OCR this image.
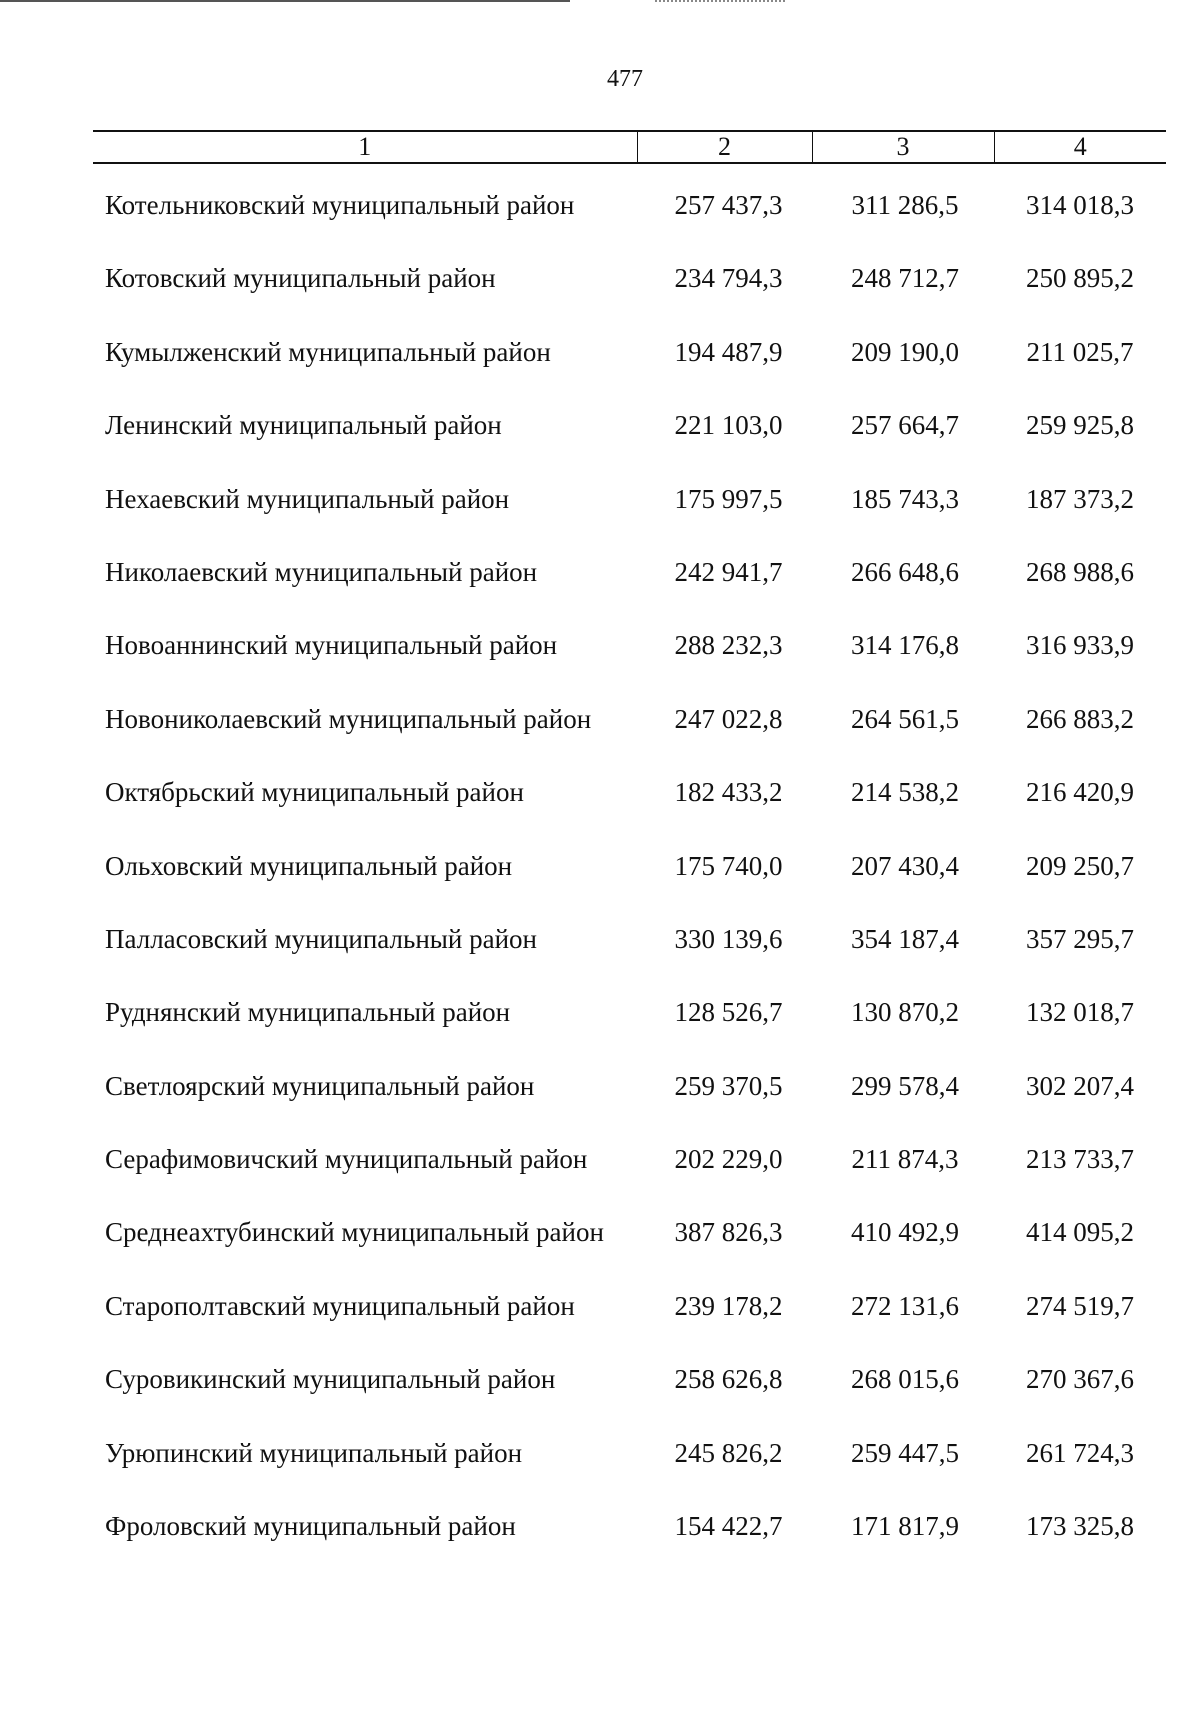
477
1	2	3	4

Котельниковский муниципальный район	257 437,3	311 286,5	314 018,3
Котовский муниципальный район	234 794,3	248 712,7	250 895,2
Кумылженский муниципальный район	194 487,9	209 190,0	211 025,7
Ленинский муниципальный район	221 103,0	257 664,7	259 925,8
Нехаевский муниципальный район	175 997,5	185 743,3	187 373,2
Николаевский муниципальный район	242 941,7	266 648,6	268 988,6
Новоаннинский муниципальный район	288 232,3	314 176,8	316 933,9
Новониколаевский муниципальный район	247 022,8	264 561,5	266 883,2
Октябрьский муниципальный район	182 433,2	214 538,2	216 420,9
Ольховский муниципальный район	175 740,0	207 430,4	209 250,7
Палласовский муниципальный район	330 139,6	354 187,4	357 295,7
Руднянский муниципальный район	128 526,7	130 870,2	132 018,7
Светлоярский муниципальный район	259 370,5	299 578,4	302 207,4
Серафимовичский муниципальный район	202 229,0	211 874,3	213 733,7
Среднеахтубинский муниципальный район	387 826,3	410 492,9	414 095,2
Старополтавский муниципальный район	239 178,2	272 131,6	274 519,7
Суровикинский муниципальный район	258 626,8	268 015,6	270 367,6
Урюпинский муниципальный район	245 826,2	259 447,5	261 724,3
Фроловский муниципальный район	154 422,7	171 817,9	173 325,8
